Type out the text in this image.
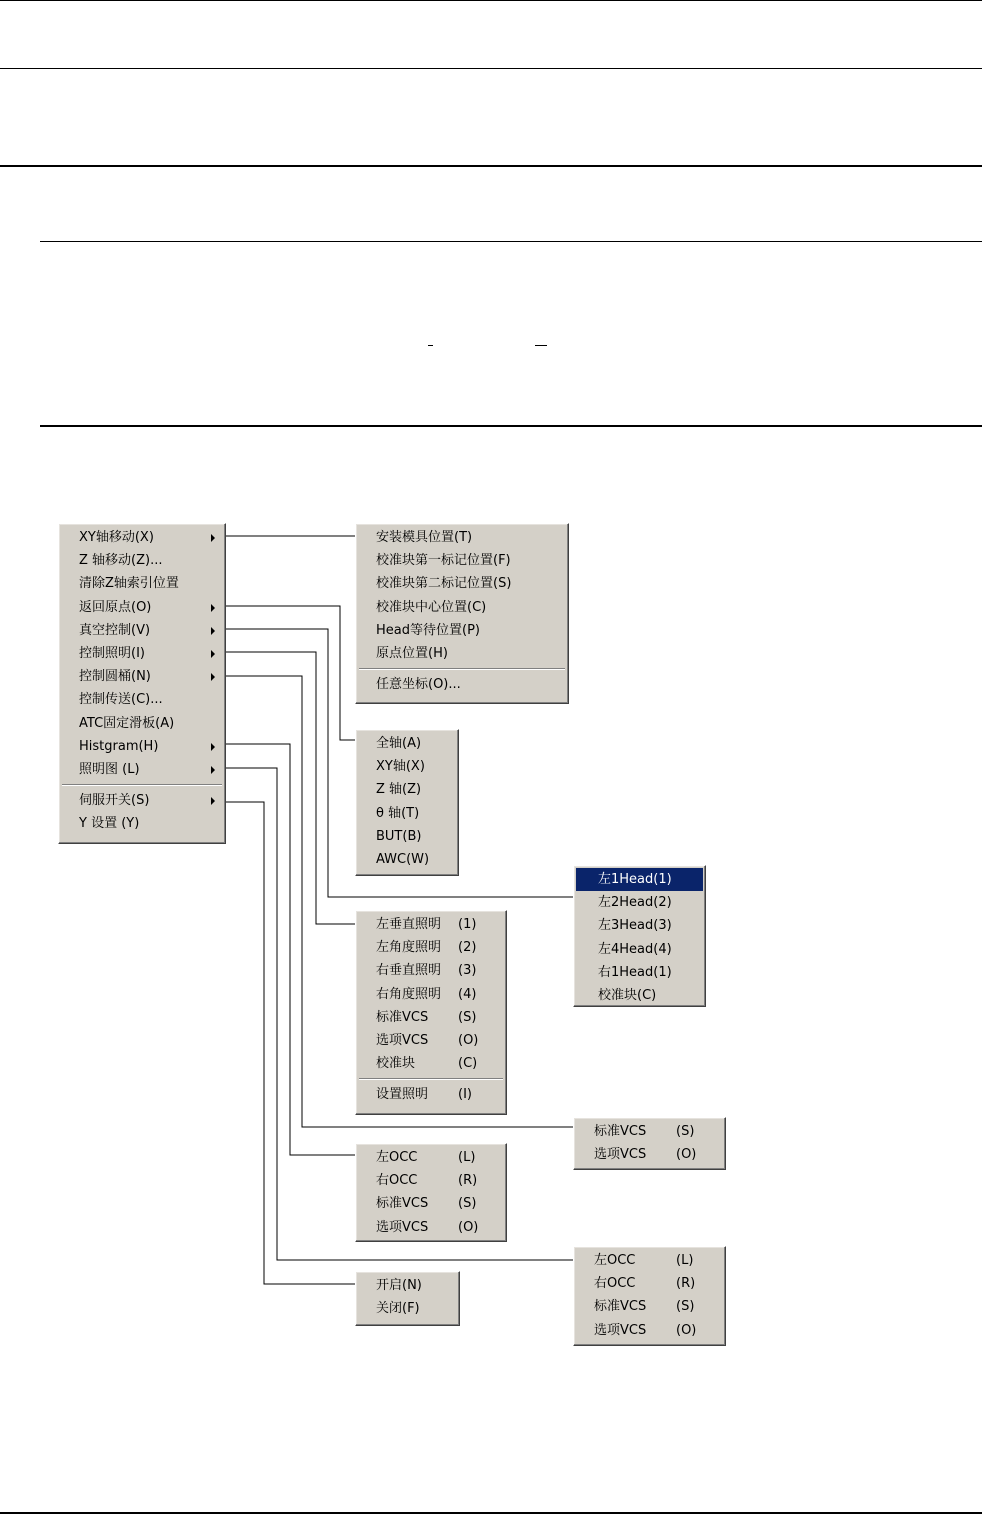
XY轴移动(X)
Z 轴移动(Z)...
清除Z轴索引位置
返回原点(O)
真空控制(V)
控制照明(I)
控制圆桶(N)
控制传送(C)...
ATC固定滑板(A)
Histgram(H)
照明图 (L)
伺服开关(S)
Y 设置 (Y)
安装模具位置(T)
校准块第一标记位置(F)
校准块第二标记位置(S)
校准块中心位置(C)
Head等待位置(P)
原点位置(H)
任意坐标(O)...
全轴(A)
XY轴(X)
Z 轴(Z)
θ 轴(T)
BUT(B)
AWC(W)
左1Head(1)
左2Head(2)
左3Head(3)
左4Head(4)
右1Head(1)
校准块(C)
左垂直照明 (1)
左角度照明 (2)
右垂直照明 (3)
右角度照明 (4)
标准VCS (S)
选项VCS (O)
校准块	(C)
设置照明 (I)
标准VCS (S)
选项VCS (O)
左OCC	(L)
右OCC	(R)
标准VCS (S)
选项VCS (O)
左OCC	(L)
右OCC	(R)
标准VCS (S)
选项VCS (O)
开启(N)
关闭(F)
